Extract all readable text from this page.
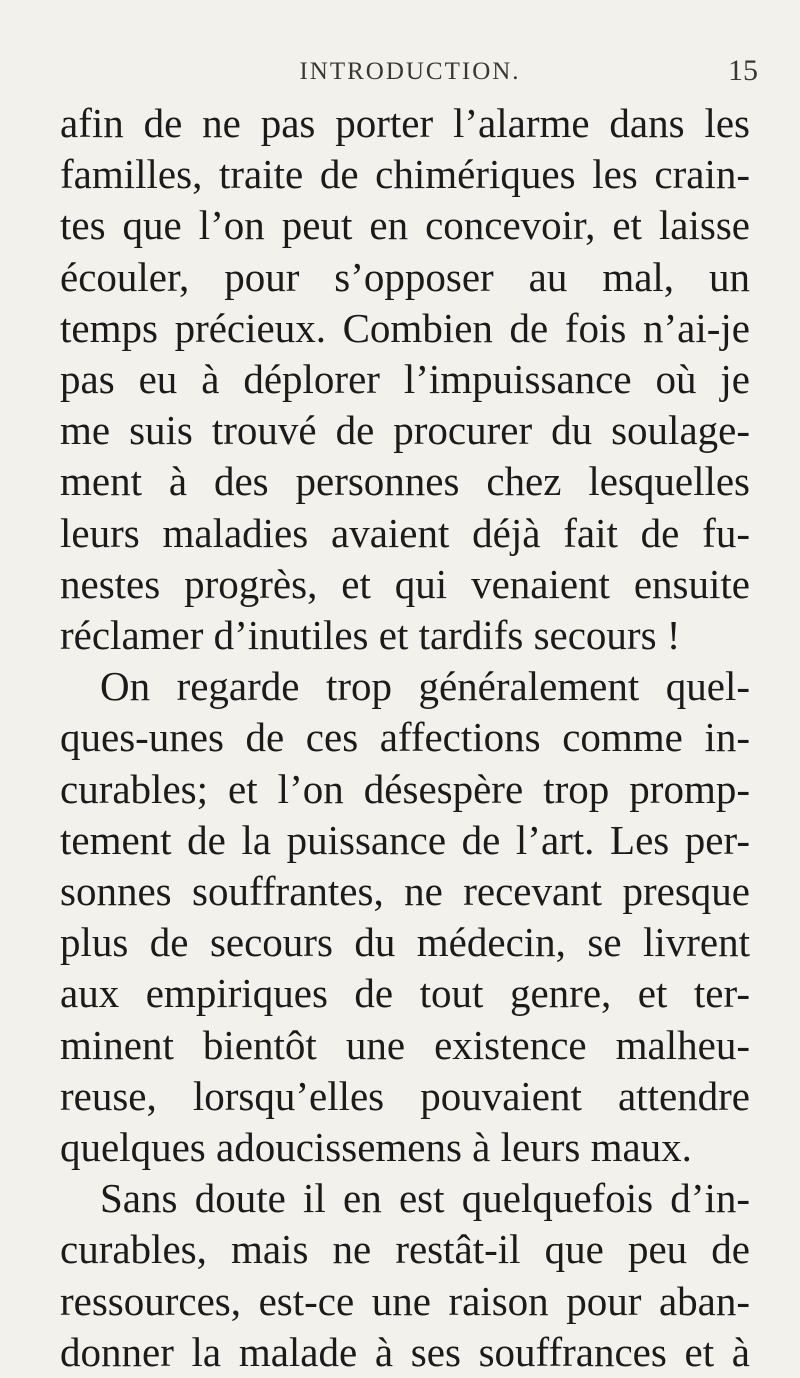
INTRODUCTION.	15
afin de ne pas porter l’alarme dans les
familles, traite de chimériques les crain-
tes que l’on peut en concevoir, et laisse
écouler, pour s’opposer au mal, un
temps précieux. Combien de fois n’ai-je
pas eu à déplorer l’impuissance où je
me suis trouvé de procurer du soulage-
ment à des personnes chez lesquelles
leurs maladies avaient déjà fait de fu-
nestes progrès, et qui venaient ensuite
réclamer d’inutiles et tardifs secours !
On regarde trop généralement quel-
ques-unes de ces affections comme in-
curables; et l’on désespère trop promp-
tement de la puissance de l’art. Les per-
sonnes souffrantes, ne recevant presque
plus de secours du médecin, se livrent
aux empiriques de tout genre, et ter-
minent bientôt une existence malheu-
reuse, lorsqu’elles pouvaient attendre
quelques adoucissemens à leurs maux.
Sans doute il en est quelquefois d’in-
curables, mais ne restât-il que peu de
ressources, est-ce une raison pour aban-
donner la malade à ses souffrances et à
